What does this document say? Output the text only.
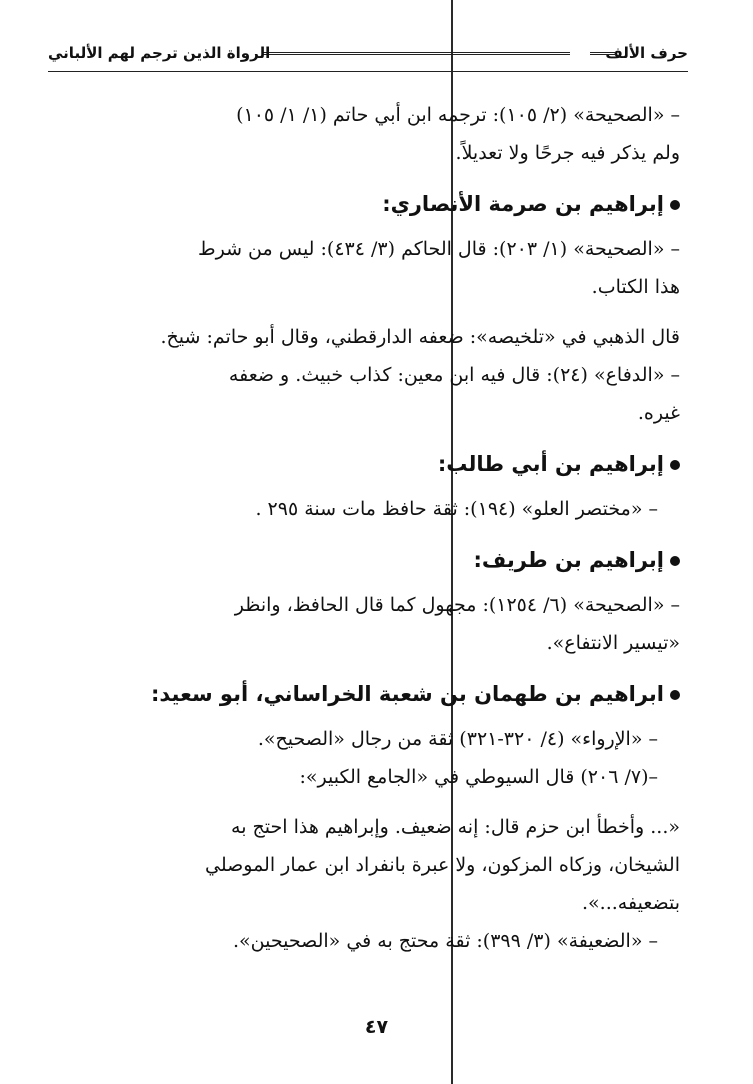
حرف الألف
الرواة الذين ترجم لهم الألباني

– «الصحيحة» (٢/ ١٠٥): ترجمه ابن أبي حاتم (١/ ١/ ١٠٥)

ولم يذكر فيه جرحًا ولا تعديلاً.

إبراهيم بن صرمة الأنصاري:

– «الصحيحة» (١/ ٢٠٣): قال الحاكم (٣/ ٤٣٤): ليس من شرط

هذا الكتاب.

قال الذهبي في «تلخيصه»: ضعفه الدارقطني، وقال أبو حاتم: شيخ.

– «الدفاع» (٢٤): قال فيه ابن معين: كذاب خبيث. و ضعفه

غيره.

إبراهيم بن أبي طالب:

– «مختصر العلو» (١٩٤): ثقة حافظ مات سنة ٢٩٥ .

إبراهيم بن طريف:

– «الصحيحة» (٦/ ١٢٥٤): مجهول كما قال الحافظ، وانظر

«تيسير الانتفاع».

ابراهيم بن طهمان بن شعبة الخراساني، أبو سعيد:

– «الإرواء» (٤/ ٣٢٠-٣٢١) ثقة من رجال «الصحيح».

–(٧/ ٢٠٦) قال السيوطي في «الجامع الكبير»:

«... وأخطأ ابن حزم قال: إنه ضعيف. وإبراهيم هذا احتج به

الشيخان، وزكاه المزكون، ولا عبرة بانفراد ابن عمار الموصلي

بتضعيفه...».

– «الضعيفة» (٣/ ٣٩٩): ثقة محتج به في «الصحيحين».

٤٧
